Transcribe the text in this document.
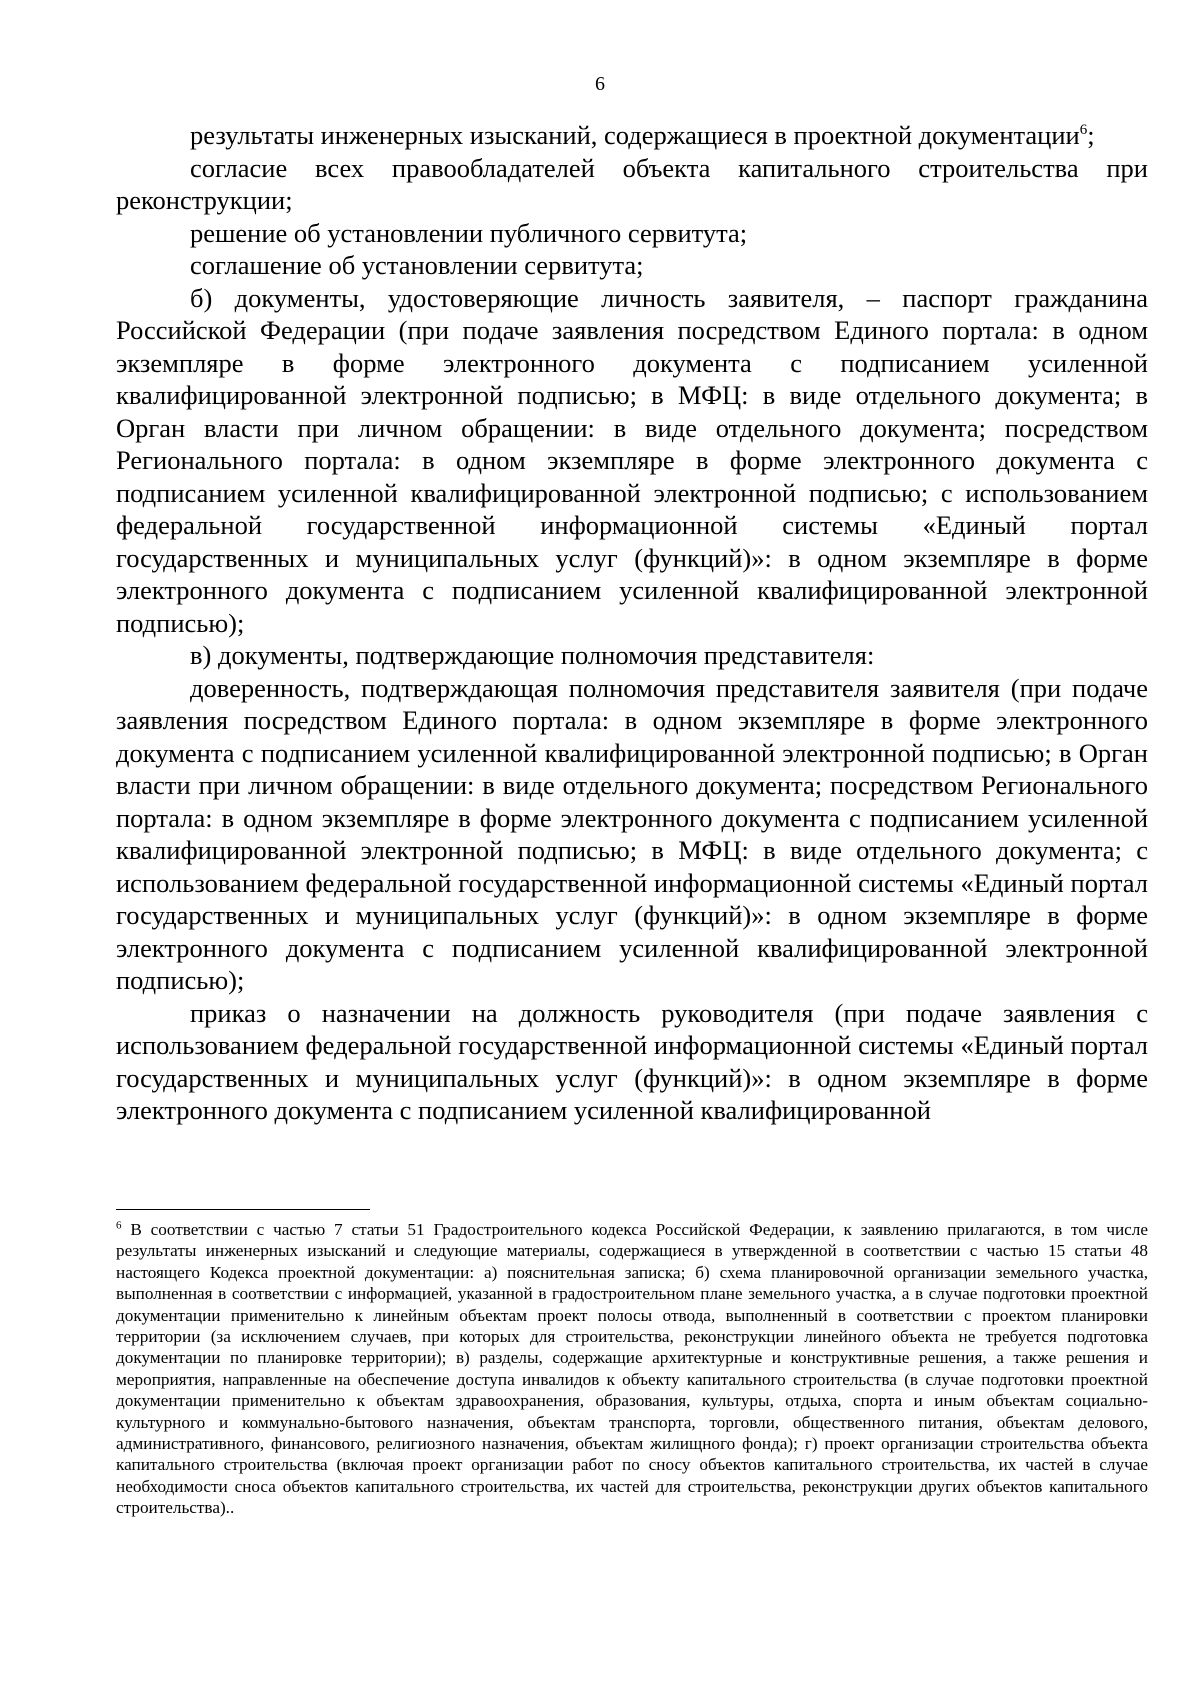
6

результаты инженерных изысканий, содержащиеся в проектной документации$^6$;

согласие всех правообладателей объекта капитального строительства при реконструкции;

решение об установлении публичного сервитута;

соглашение об установлении сервитута;

б) документы, удостоверяющие личность заявителя, – паспорт гражданина Российской Федерации (при подаче заявления посредством Единого портала: в одном экземпляре в форме электронного документа с подписанием усиленной квалифицированной электронной подписью; в МФЦ: в виде отдельного документа; в Орган власти при личном обращении: в виде отдельного документа; посредством Регионального портала: в одном экземпляре в форме электронного документа с подписанием усиленной квалифицированной электронной подписью; с использованием федеральной государственной информационной системы «Единый портал государственных и муниципальных услуг (функций)»: в одном экземпляре в форме электронного документа с подписанием усиленной квалифицированной электронной подписью);

в) документы, подтверждающие полномочия представителя:

доверенность, подтверждающая полномочия представителя заявителя (при подаче заявления посредством Единого портала: в одном экземпляре в форме электронного документа с подписанием усиленной квалифицированной электронной подписью; в Орган власти при личном обращении: в виде отдельного документа; посредством Регионального портала: в одном экземпляре в форме электронного документа с подписанием усиленной квалифицированной электронной подписью; в МФЦ: в виде отдельного документа; с использованием федеральной государственной информационной системы «Единый портал государственных и муниципальных услуг (функций)»: в одном экземпляре в форме электронного документа с подписанием усиленной квалифицированной электронной подписью);

приказ о назначении на должность руководителя (при подаче заявления с использованием федеральной государственной информационной системы «Единый портал государственных и муниципальных услуг (функций)»: в одном экземпляре в форме электронного документа с подписанием усиленной квалифицированной

$^6$ В соответствии с частью 7 статьи 51 Градостроительного кодекса Российской Федерации, к заявлению прилагаются, в том числе результаты инженерных изысканий и следующие материалы, содержащиеся в утвержденной в соответствии с частью 15 статьи 48 настоящего Кодекса проектной документации: а) пояснительная записка; б) схема планировочной организации земельного участка, выполненная в соответствии с информацией, указанной в градостроительном плане земельного участка, а в случае подготовки проектной документации применительно к линейным объектам проект полосы отвода, выполненный в соответствии с проектом планировки территории (за исключением случаев, при которых для строительства, реконструкции линейного объекта не требуется подготовка документации по планировке территории); в) разделы, содержащие архитектурные и конструктивные решения, а также решения и мероприятия, направленные на обеспечение доступа инвалидов к объекту капитального строительства (в случае подготовки проектной документации применительно к объектам здравоохранения, образования, культуры, отдыха, спорта и иным объектам социально-культурного и коммунально-бытового назначения, объектам транспорта, торговли, общественного питания, объектам делового, административного, финансового, религиозного назначения, объектам жилищного фонда); г) проект организации строительства объекта капитального строительства (включая проект организации работ по сносу объектов капитального строительства, их частей в случае необходимости сноса объектов капитального строительства, их частей для строительства, реконструкции других объектов капитального строительства)..
